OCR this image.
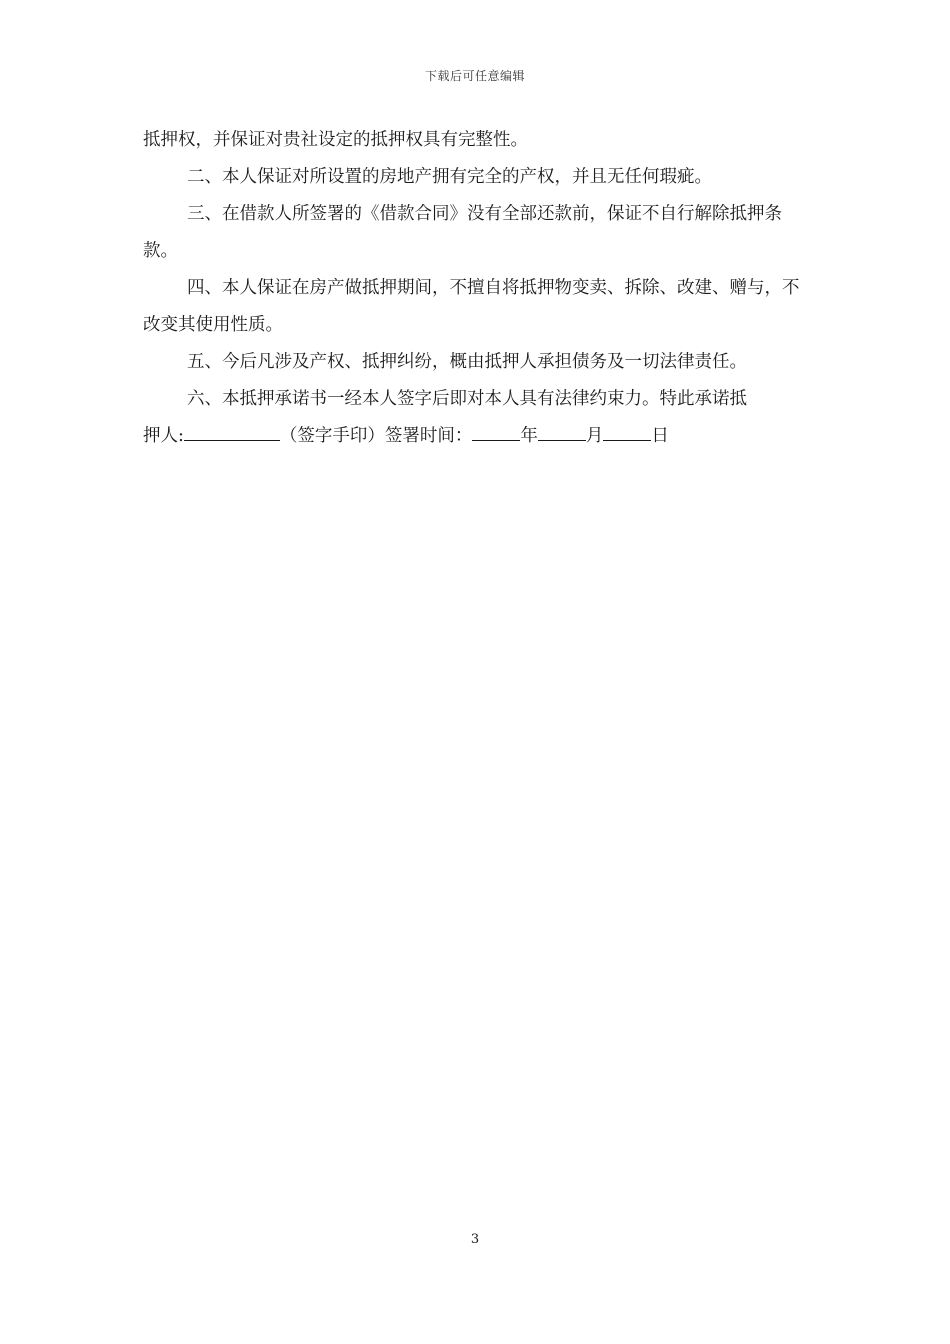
下载后可任意编辑

抵押权，并保证对贵社设定的抵押权具有完整性。

二、本人保证对所设置的房地产拥有完全的产权，并且无任何瑕疵。

三、在借款人所签署的《借款合同》没有全部还款前，保证不自行解除抵押条款。

四、本人保证在房产做抵押期间，不擅自将抵押物变卖、拆除、改建、赠与，不改变其使用性质。

五、今后凡涉及产权、抵押纠纷，概由抵押人承担债务及一切法律责任。

六、本抵押承诺书一经本人签字后即对本人具有法律约束力。特此承诺抵

押人:	（签字手印）签署时间：	年	月	日

3
